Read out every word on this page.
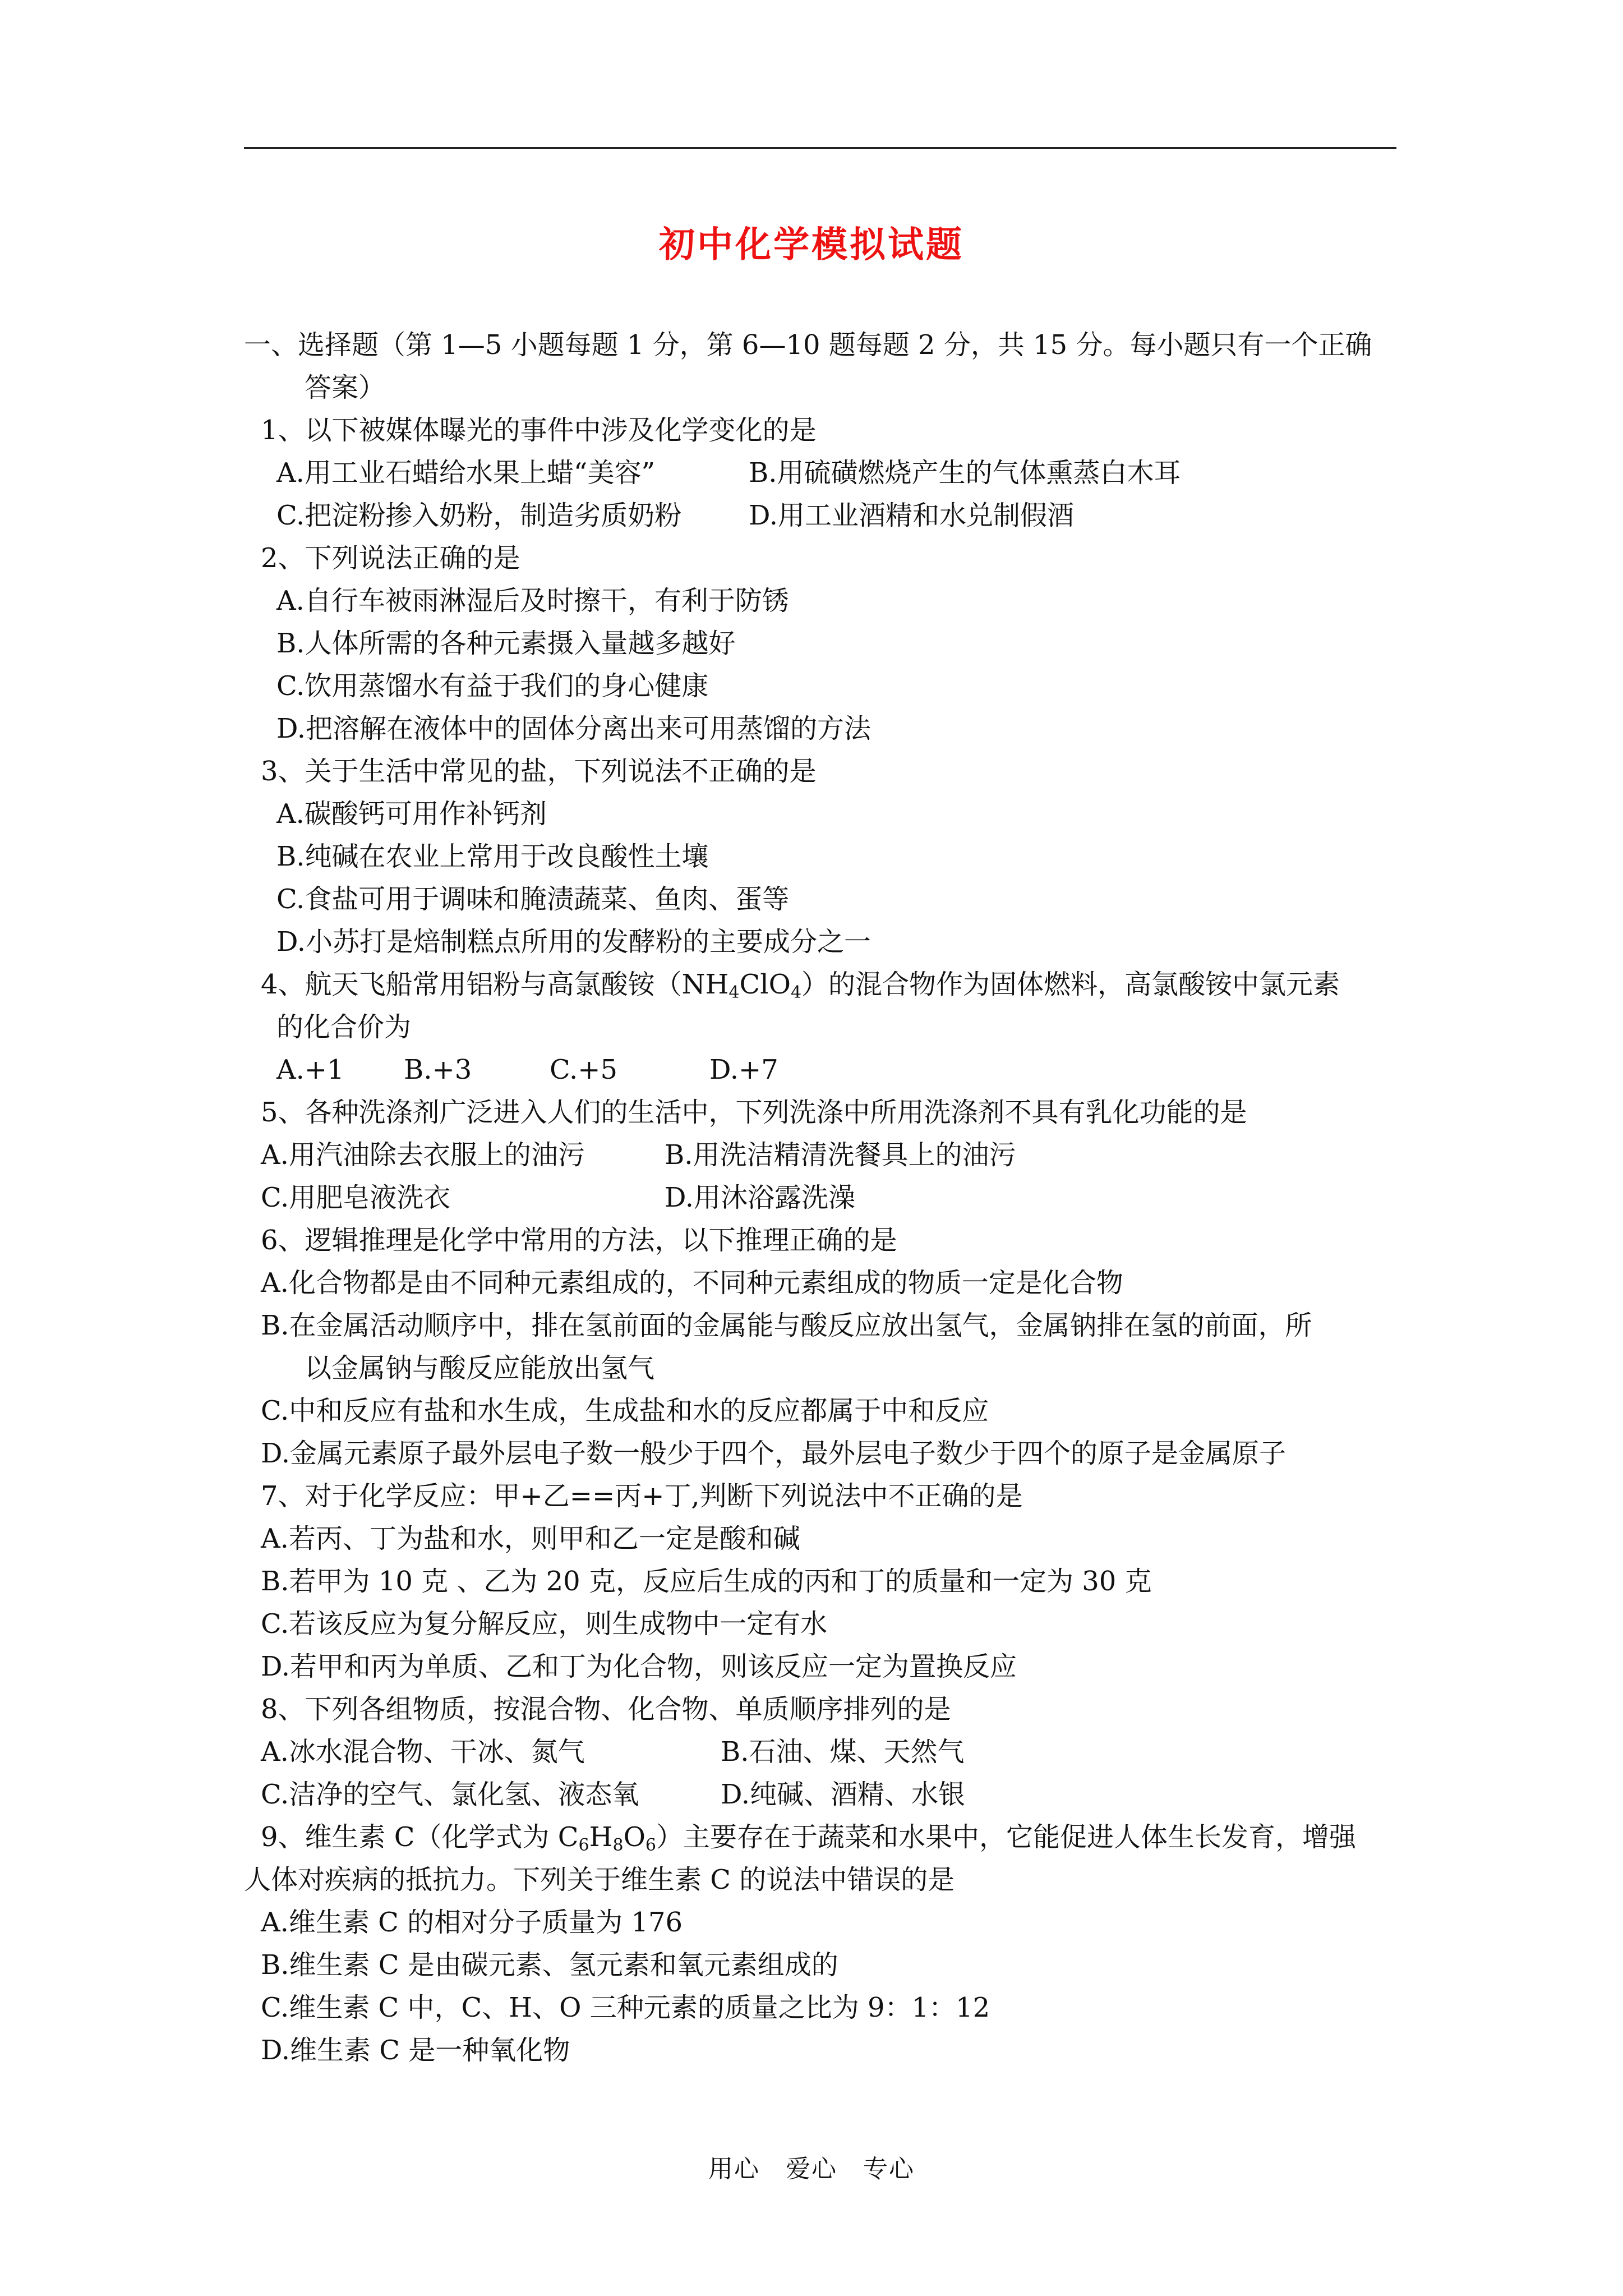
初中化学模拟试题
一、选择题（第 1—5 小题每题 1 分，第 6—10 题每题 2 分，共 15 分。每小题只有一个正确
答案）
1、以下被媒体曝光的事件中涉及化学变化的是
A.用工业石蜡给水果上蜡“美容”	B.用硫磺燃烧产生的气体熏蒸白木耳
C.把淀粉掺入奶粉，制造劣质奶粉 D.用工业酒精和水兑制假酒
2、下列说法正确的是
A.自行车被雨淋湿后及时擦干，有利于防锈
B.人体所需的各种元素摄入量越多越好
C.饮用蒸馏水有益于我们的身心健康
D.把溶解在液体中的固体分离出来可用蒸馏的方法
3、关于生活中常见的盐，下列说法不正确的是
A.碳酸钙可用作补钙剂
B.纯碱在农业上常用于改良酸性土壤
C.食盐可用于调味和腌渍蔬菜、鱼肉、蛋等
D.小苏打是焙制糕点所用的发酵粉的主要成分之一
4、航天飞船常用铝粉与高氯酸铵$(NH_4ClO_4)$的混合物作为固体燃料，高氯酸铵中氯元素
的化合价为
A.+1 B.+3	C.+5	D.+7
5、各种洗涤剂广泛进入人们的生活中，下列洗涤中所用洗涤剂不具有乳化功能的是
A.用汽油除去衣服上的油污	B.用洗洁精清洗餐具上的油污
C.用肥皂液洗衣	D.用沐浴露洗澡
6、逻辑推理是化学中常用的方法，以下推理正确的是
A.化合物都是由不同种元素组成的，不同种元素组成的物质一定是化合物
B.在金属活动顺序中，排在氢前面的金属能与酸反应放出氢气，金属钠排在氢的前面，所
以金属钠与酸反应能放出氢气
C.中和反应有盐和水生成，生成盐和水的反应都属于中和反应
D.金属元素原子最外层电子数一般少于四个，最外层电子数少于四个的原子是金属原子
7、对于化学反应：甲+乙==丙+丁,判断下列说法中不正确的是
A.若丙、丁为盐和水，则甲和乙一定是酸和碱
B.若甲为 10 克 、乙为 20 克，反应后生成的丙和丁的质量和一定为 30 克
C.若该反应为复分解反应，则生成物中一定有水
D.若甲和丙为单质、乙和丁为化合物，则该反应一定为置换反应
8、下列各组物质，按混合物、化合物、单质顺序排列的是
A.冰水混合物、干冰、氮气	B.石油、煤、天然气
C.洁净的空气、氯化氢、液态氧	D.纯碱、酒精、水银
9、维生素 C（化学式为 $C_6H_8O_6$）主要存在于蔬菜和水果中，它能促进人体生长发育，增强
人体对疾病的抵抗力。下列关于维生素 C 的说法中错误的是
A.维生素 C 的相对分子质量为 176
B.维生素 C 是由碳元素、氢元素和氧元素组成的
C.维生素 C 中，C、H、O 三种元素的质量之比为 9：1：12
D.维生素 C 是一种氧化物
用心 爱心 专心
